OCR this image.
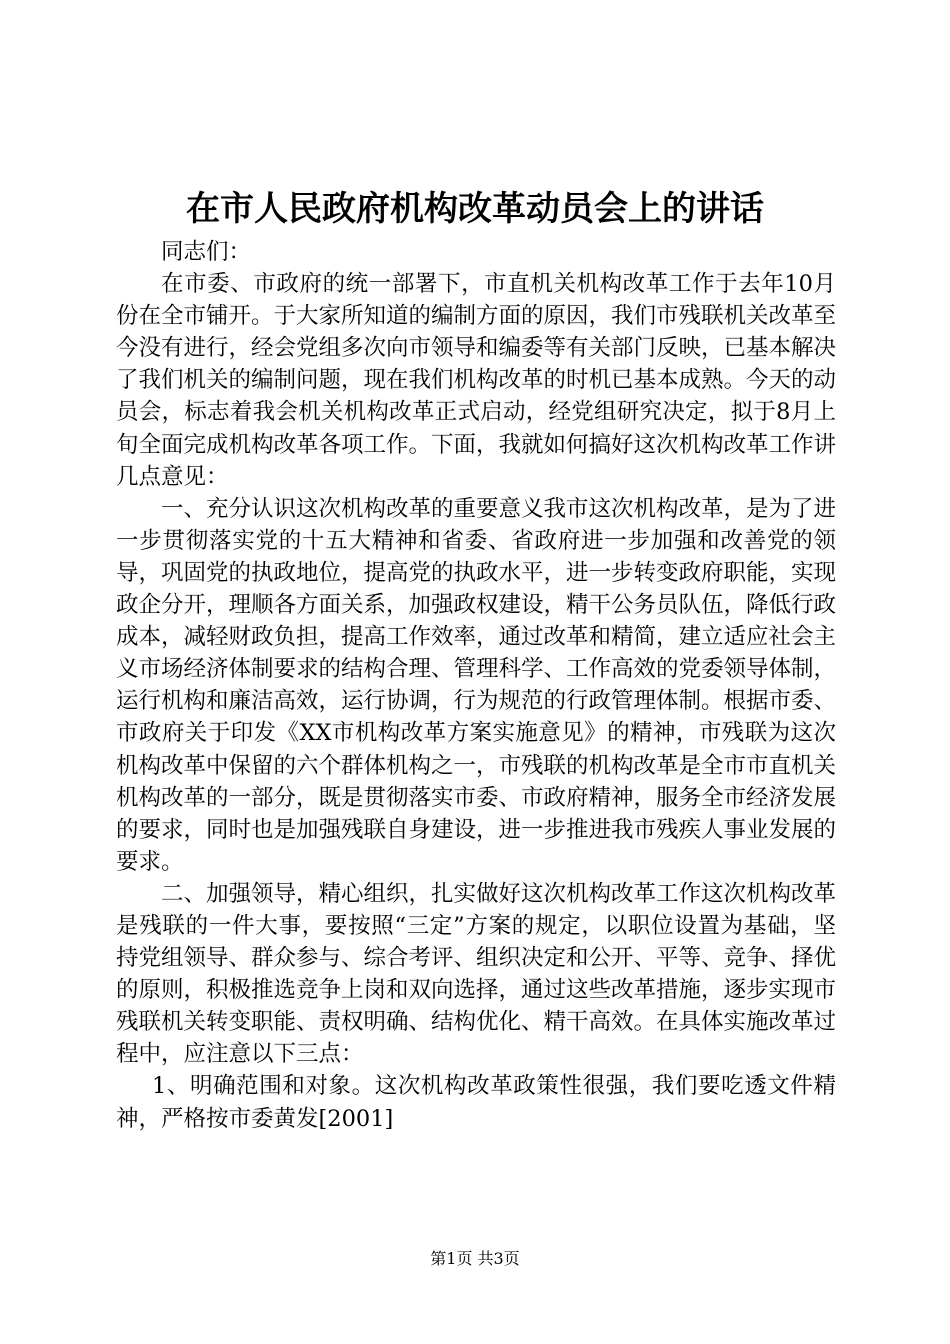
在市人民政府机构改革动员会上的讲话

同志们：

在市委、市政府的统一部署下，市直机关机构改革工作于去年10月份在全市铺开。于大家所知道的编制方面的原因，我们市残联机关改革至今没有进行，经会党组多次向市领导和编委等有关部门反映，已基本解决了我们机关的编制问题，现在我们机构改革的时机已基本成熟。今天的动员会，标志着我会机关机构改革正式启动，经党组研究决定，拟于8月上旬全面完成机构改革各项工作。下面，我就如何搞好这次机构改革工作讲几点意见：

一、充分认识这次机构改革的重要意义我市这次机构改革，是为了进一步贯彻落实党的十五大精神和省委、省政府进一步加强和改善党的领导，巩固党的执政地位，提高党的执政水平，进一步转变政府职能，实现政企分开，理顺各方面关系，加强政权建设，精干公务员队伍，降低行政成本，减轻财政负担，提高工作效率，通过改革和精简，建立适应社会主义市场经济体制要求的结构合理、管理科学、工作高效的党委领导体制，运行机构和廉洁高效，运行协调，行为规范的行政管理体制。根据市委、市政府关于印发《XX市机构改革方案实施意见》的精神，市残联为这次机构改革中保留的六个群体机构之一，市残联的机构改革是全市市直机关机构改革的一部分，既是贯彻落实市委、市政府精神，服务全市经济发展的要求，同时也是加强残联自身建设，进一步推进我市残疾人事业发展的要求。

二、加强领导，精心组织，扎实做好这次机构改革工作这次机构改革是残联的一件大事，要按照“三定”方案的规定，以职位设置为基础，坚持党组领导、群众参与、综合考评、组织决定和公开、平等、竞争、择优的原则，积极推选竞争上岗和双向选择，通过这些改革措施，逐步实现市残联机关转变职能、责权明确、结构优化、精干高效。在具体实施改革过程中，应注意以下三点：

1、明确范围和对象。这次机构改革政策性很强，我们要吃透文件精神，严格按市委黄发[2001]

第1页 共3页
